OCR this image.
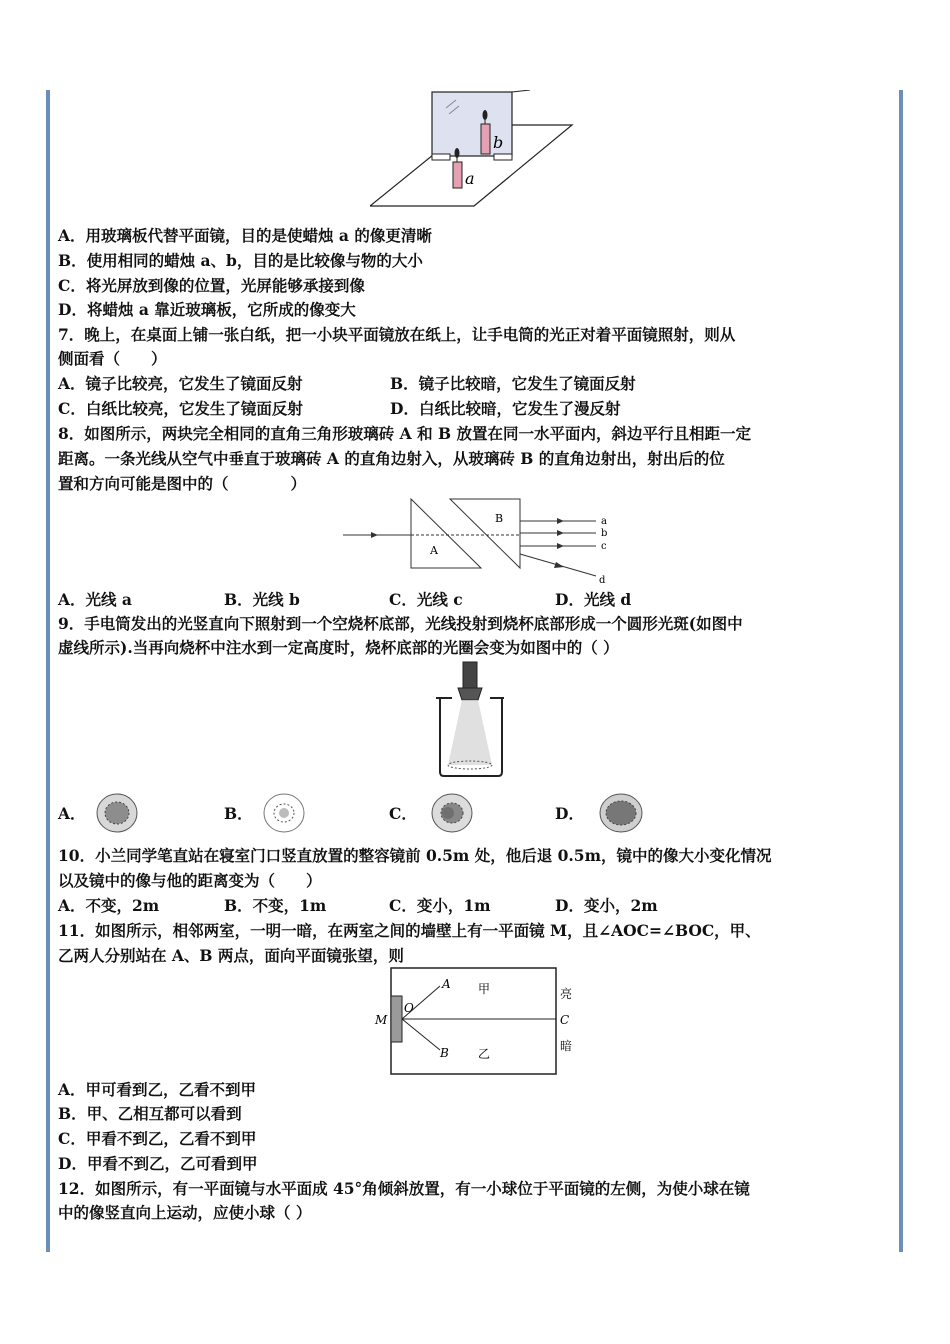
b
a
A．用玻璃板代替平面镜，目的是使蜡烛 a 的像更清晰
B．使用相同的蜡烛 a、b，目的是比较像与物的大小
C．将光屏放到像的位置，光屏能够承接到像
D．将蜡烛 a 靠近玻璃板，它所成的像变大
7．晚上，在桌面上铺一张白纸，把一小块平面镜放在纸上，让手电筒的光正对着平面镜照射，则从
侧面看（　　）
A．镜子比较亮，它发生了镜面反射	B．镜子比较暗，它发生了镜面反射
C．白纸比较亮，它发生了镜面反射	D．白纸比较暗，它发生了漫反射
8．如图所示，两块完全相同的直角三角形玻璃砖 A 和 B 放置在同一水平面内，斜边平行且相距一定
距离。一条光线从空气中垂直于玻璃砖 A 的直角边射入，从玻璃砖 B 的直角边射出，射出后的位
置和方向可能是图中的（　　　　）
A
B	a
b
c
d
A．光线 a	B．光线 b	C．光线 c	D．光线 d
9．手电筒发出的光竖直向下照射到一个空烧杯底部，光线投射到烧杯底部形成一个圆形光斑(如图中
虚线所示).当再向烧杯中注水到一定高度时，烧杯底部的光圈会变为如图中的（ ）
A．	B．	C．	D．
10．小兰同学笔直站在寝室门口竖直放置的整容镜前 0.5m 处，他后退 0.5m，镜中的像大小变化情况
以及镜中的像与他的距离变为（　　）
A．不变，2m	B．不变，1m	C．变小，1m	D．变小，2m
11．如图所示，相邻两室，一明一暗，在两室之间的墙壁上有一平面镜 M，且∠AOC=∠BOC，甲、
乙两人分别站在 A、B 两点，面向平面镜张望，则
M
O
A
B
C
甲
乙
亮
暗
A．甲可看到乙，乙看不到甲
B．甲、乙相互都可以看到
C．甲看不到乙，乙看不到甲
D．甲看不到乙，乙可看到甲
12．如图所示，有一平面镜与水平面成 45°角倾斜放置，有一小球位于平面镜的左侧，为使小球在镜
中的像竖直向上运动，应使小球（ ）
